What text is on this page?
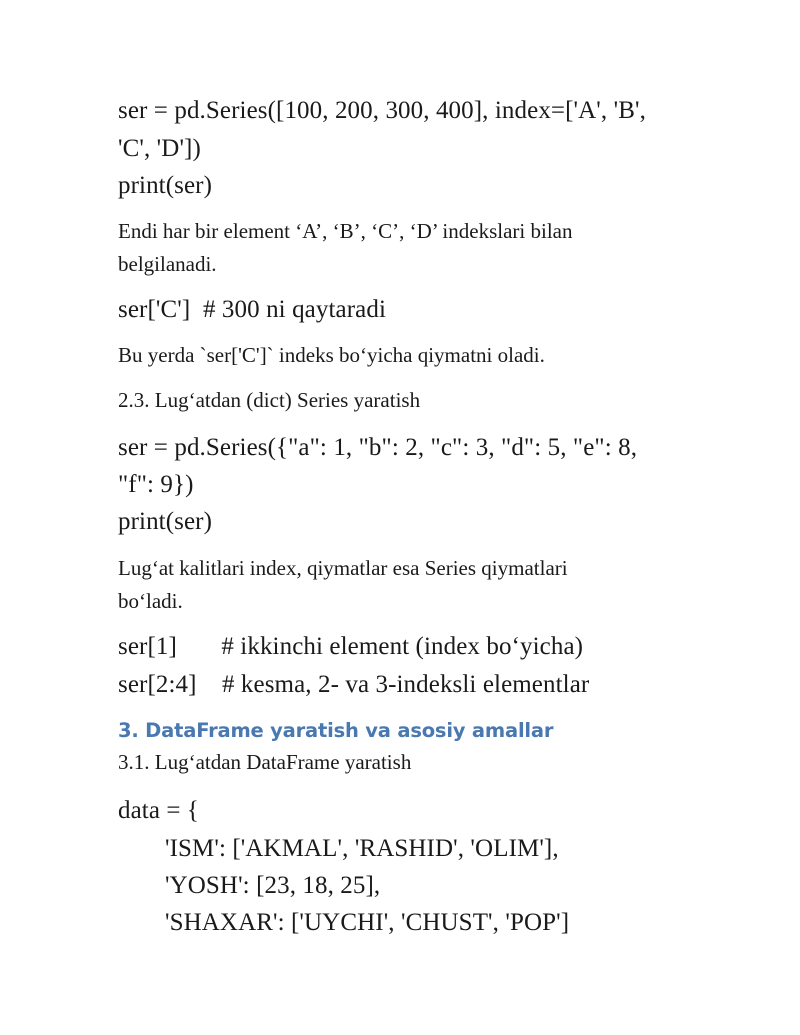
ser = pd.Series([100, 200, 300, 400], index=['A', 'B',
'C', 'D'])
print(ser)
Endi har bir element ‘A’, ‘B’, ‘C’, ‘D’ indekslari bilan
belgilanadi.
ser['C']  # 300 ni qaytaradi
Bu yerda `ser['C']` indeks boʻyicha qiymatni oladi.
2.3. Lugʻatdan (dict) Series yaratish
ser = pd.Series({"a": 1, "b": 2, "c": 3, "d": 5, "e": 8,
"f": 9})
print(ser)
Lugʻat kalitlari index, qiymatlar esa Series qiymatlari
boʻladi.
ser[1]       # ikkinchi element (index boʻyicha)
ser[2:4]    # kesma, 2- va 3-indeksli elementlar
3. DataFrame yaratish va asosiy amallar
3.1. Lugʻatdan DataFrame yaratish
data = {
'ISM': ['AKMAL', 'RASHID', 'OLIM'],
'YOSH': [23, 18, 25],
'SHAXAR': ['UYCHI', 'CHUST', 'POP']
